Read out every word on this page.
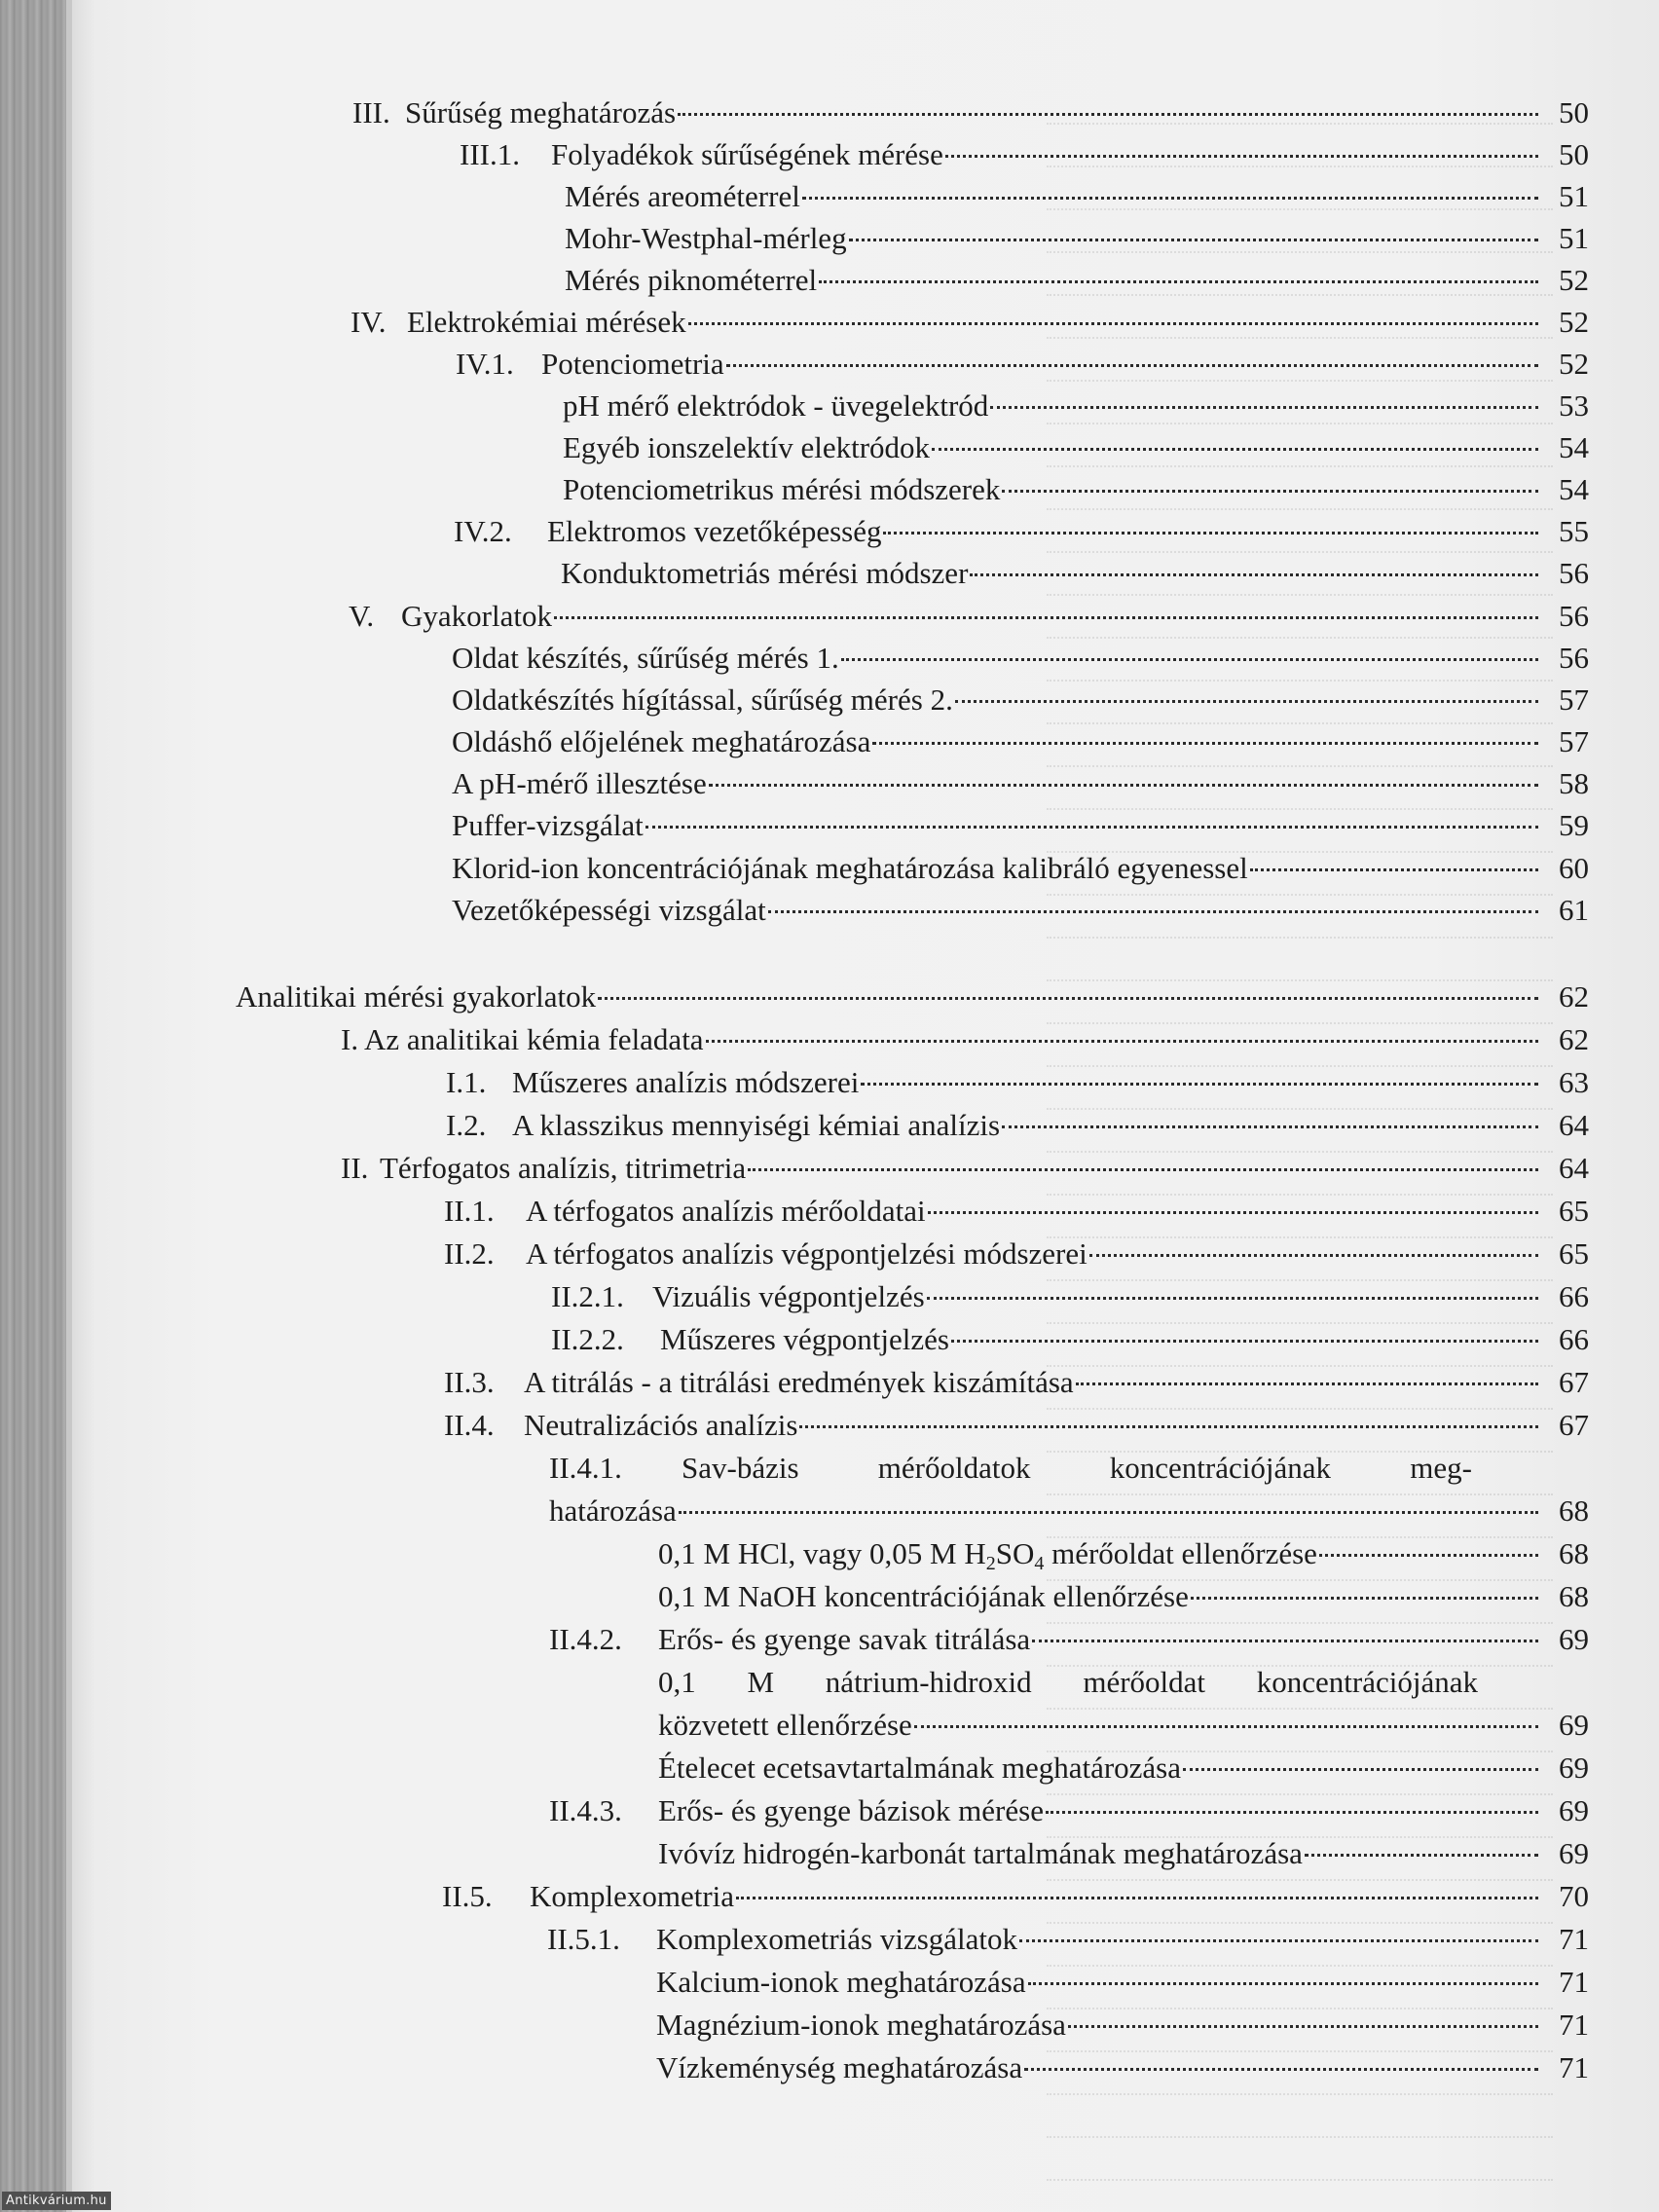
III. Sűrűség meghatározás	50
III.1.	Folyadékok sűrűségének mérése	50
Mérés areométerrel	51
Mohr-Westphal-mérleg	51
Mérés piknométerrel	52
IV. Elektrokémiai mérések	52
IV.1. Potenciometria	52
pH mérő elektródok - üvegelektród	53
Egyéb ionszelektív elektródok	54
Potenciometrikus mérési módszerek	54
IV.2.	Elektromos vezetőképesség	55
Konduktometriás mérési módszer	56
V. Gyakorlatok	56
Oldat készítés, sűrűség mérés 1.	56
Oldatkészítés hígítással, sűrűség mérés 2.	57
Oldáshő előjelének meghatározása	57
A pH-mérő illesztése	58
Puffer-vizsgálat	59
Klorid-ion koncentrációjának meghatározása kalibráló egyenessel	60
Vezetőképességi vizsgálat	61
Analitikai mérési gyakorlatok	62
I. Az analitikai kémia feladata	62
I.1. Műszeres analízis módszerei	63
I.2. A klasszikus mennyiségi kémiai analízis	64
II. Térfogatos analízis, titrimetria	64
II.1.	A térfogatos analízis mérőoldatai	65
II.2.	A térfogatos analízis végpontjelzési módszerei	65
II.2.1. Vizuális végpontjelzés	66
II.2.2.	Műszeres végpontjelzés	66
II.3. A titrálás - a titrálási eredmények kiszámítása	67
II.4. Neutralizációs analízis	67
II.4.1.	Sav-bázis mérőoldatok koncentrációjának meg-
határozása	68
0,1 M HCl, vagy 0,05 M $H_2SO_4$ mérőoldat ellenőrzése	68
0,1 M NaOH koncentrációjának ellenőrzése	68
II.4.2.	Erős- és gyenge savak titrálása	69
0,1 M nátrium-hidroxid mérőoldat koncentrációjának
közvetett ellenőrzése	69
Ételecet ecetsavtartalmának meghatározása	69
II.4.3.	Erős- és gyenge bázisok mérése	69
Ivóvíz hidrogén-karbonát tartalmának meghatározása	69
II.5.	Komplexometria	70
II.5.1.	Komplexometriás vizsgálatok	71
Kalcium-ionok meghatározása	71
Magnézium-ionok meghatározása	71
Vízkeménység meghatározása	71
Antikvárium.hu
